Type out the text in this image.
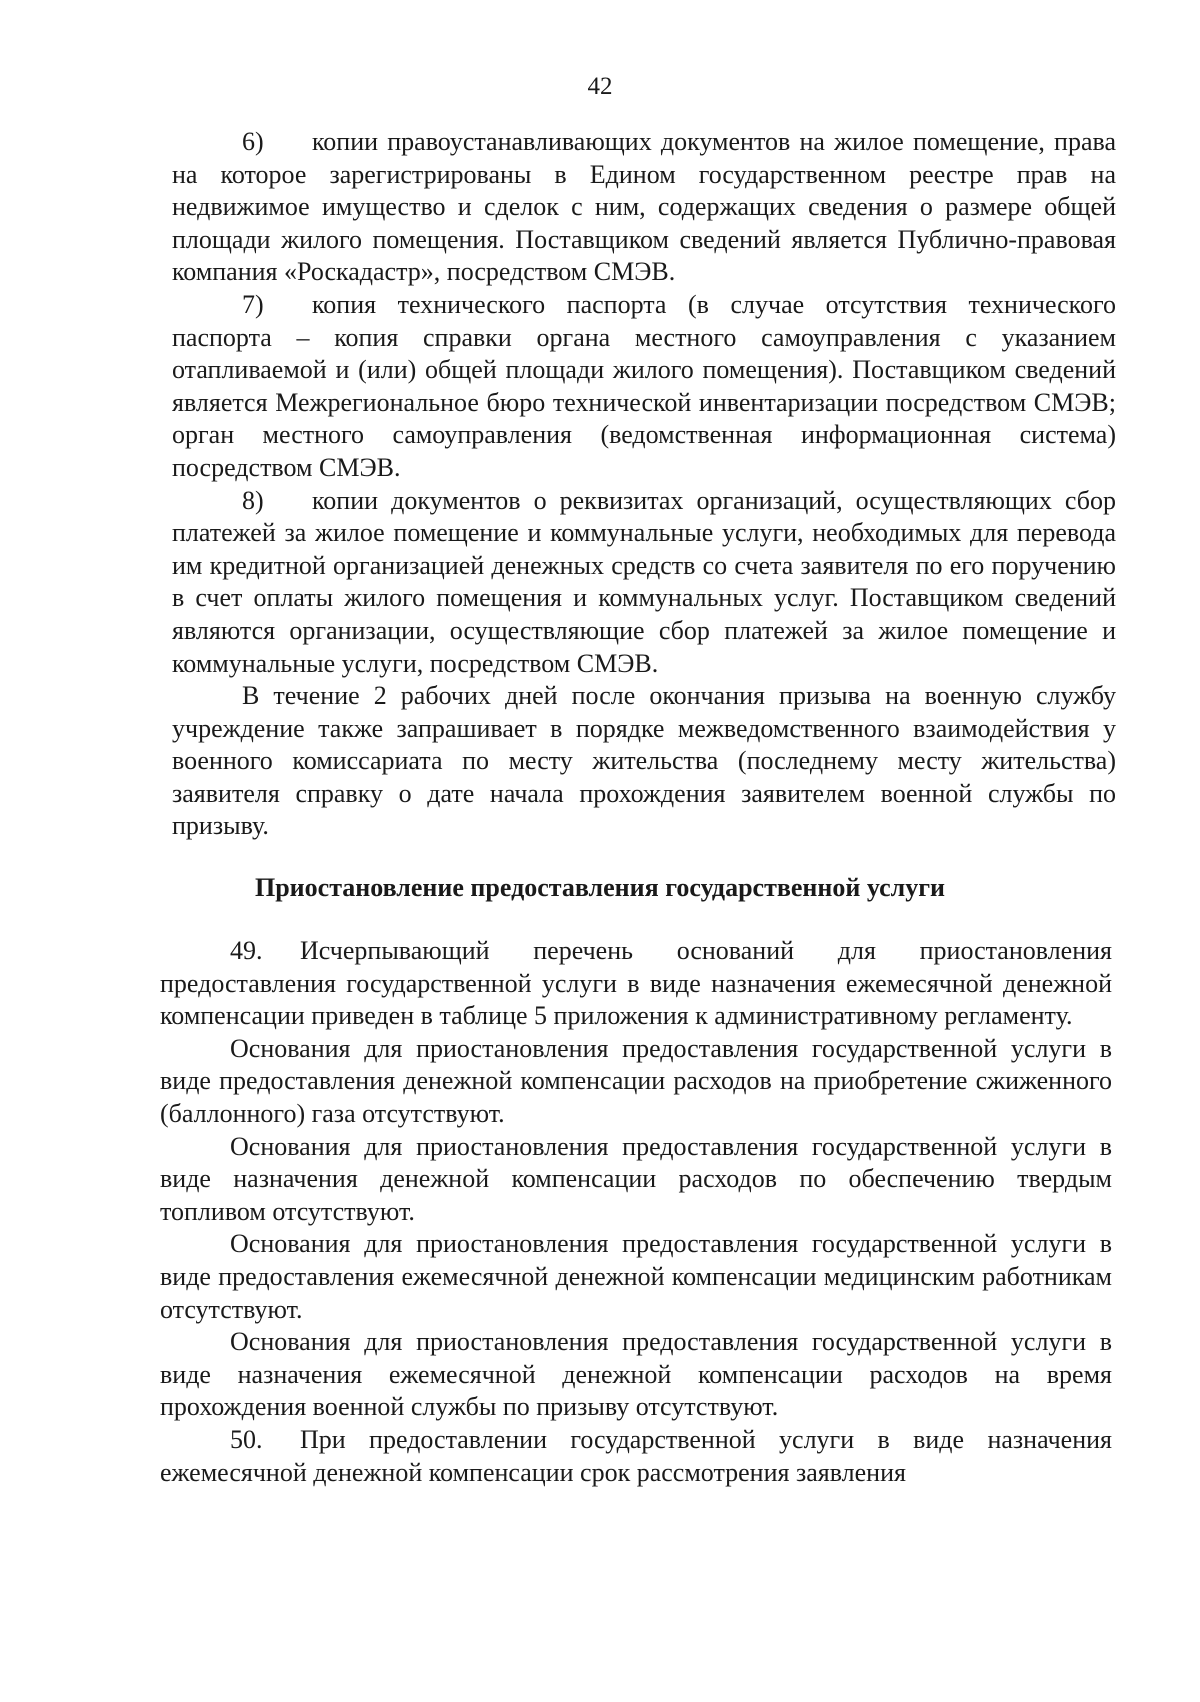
42

6) копии правоустанавливающих документов на жилое помещение, права на которое зарегистрированы в Едином государственном реестре прав на недвижимое имущество и сделок с ним, содержащих сведения о размере общей площади жилого помещения. Поставщиком сведений является Публично-правовая компания «Роскадастр», посредством СМЭВ.

7) копия технического паспорта (в случае отсутствия технического паспорта – копия справки органа местного самоуправления с указанием отапливаемой и (или) общей площади жилого помещения). Поставщиком сведений является Межрегиональное бюро технической инвентаризации посредством СМЭВ; орган местного самоуправления (ведомственная информационная система) посредством СМЭВ.

8) копии документов о реквизитах организаций, осуществляющих сбор платежей за жилое помещение и коммунальные услуги, необходимых для перевода им кредитной организацией денежных средств со счета заявителя по его поручению в счет оплаты жилого помещения и коммунальных услуг. Поставщиком сведений являются организации, осуществляющие сбор платежей за жилое помещение и коммунальные услуги, посредством СМЭВ.

В течение 2 рабочих дней после окончания призыва на военную службу учреждение также запрашивает в порядке межведомственного взаимодействия у военного комиссариата по месту жительства (последнему месту жительства) заявителя справку о дате начала прохождения заявителем военной службы по призыву.

Приостановление предоставления государственной услуги

49. Исчерпывающий перечень оснований для приостановления предоставления государственной услуги в виде назначения ежемесячной денежной компенсации приведен в таблице 5 приложения к административному регламенту.

Основания для приостановления предоставления государственной услуги в виде предоставления денежной компенсации расходов на приобретение сжиженного (баллонного) газа отсутствуют.

Основания для приостановления предоставления государственной услуги в виде назначения денежной компенсации расходов по обеспечению твердым топливом отсутствуют.

Основания для приостановления предоставления государственной услуги в виде предоставления ежемесячной денежной компенсации медицинским работникам отсутствуют.

Основания для приостановления предоставления государственной услуги в виде назначения ежемесячной денежной компенсации расходов на время прохождения военной службы по призыву отсутствуют.

50. При предоставлении государственной услуги в виде назначения ежемесячной денежной компенсации срок рассмотрения заявления
